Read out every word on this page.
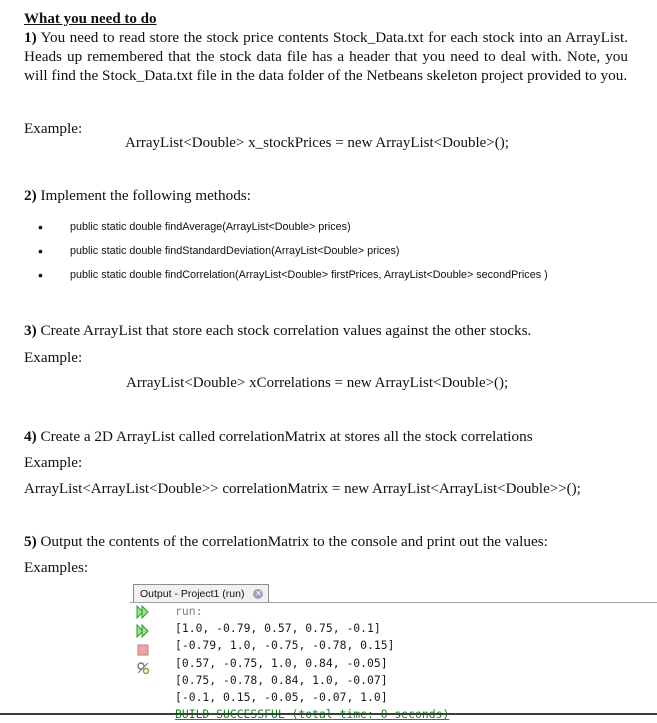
What you need to do
1) You need to read store the stock price contents Stock_Data.txt for each stock into an ArrayList. Heads up remembered that the stock data file has a header that you need to deal with. Note, you will find the Stock_Data.txt file in the data folder of the Netbeans skeleton project provided to you.
Example:
ArrayList<Double> x_stockPrices = new ArrayList<Double>();
2) Implement the following methods:
• public static double findAverage(ArrayList<Double> prices)
• public static double findStandardDeviation(ArrayList<Double> prices)
• public static double findCorrelation(ArrayList<Double> firstPrices, ArrayList<Double> secondPrices )
3) Create ArrayList that store each stock correlation values against the other stocks.
Example:
ArrayList<Double> xCorrelations = new ArrayList<Double>();
4) Create a 2D ArrayList called correlationMatrix at stores all the stock correlations
Example:
ArrayList<ArrayList<Double>> correlationMatrix = new ArrayList<ArrayList<Double>>();
5) Output the contents of the correlationMatrix to the console and print out the values:
Examples:
Output - Project1 (run) ✕
run:
[1.0, -0.79, 0.57, 0.75, -0.1]
[-0.79, 1.0, -0.75, -0.78, 0.15]
[0.57, -0.75, 1.0, 0.84, -0.05]
[0.75, -0.78, 0.84, 1.0, -0.07]
[-0.1, 0.15, -0.05, -0.07, 1.0]
